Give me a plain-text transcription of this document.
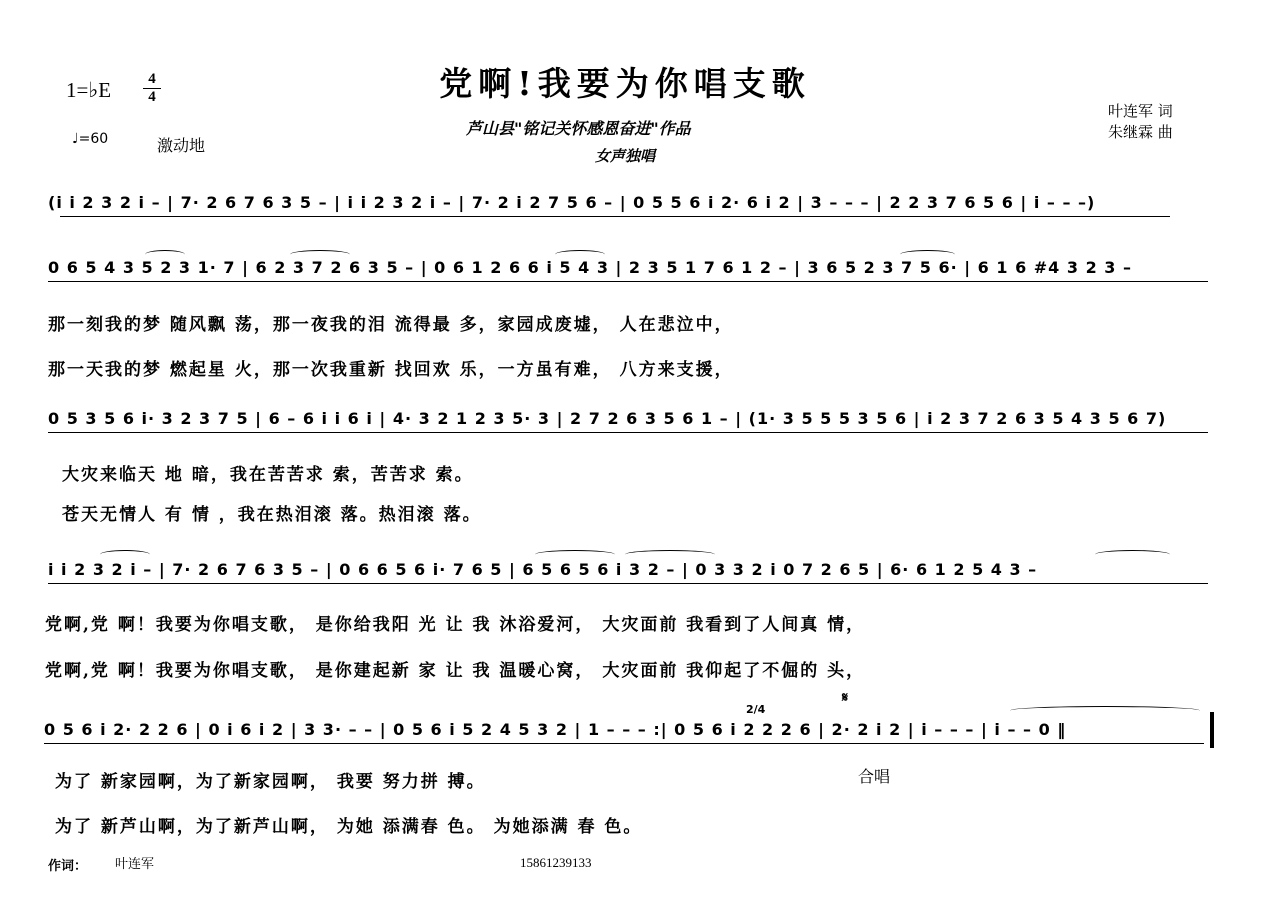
1=♭E	4
4
♩=60	激动地
党啊!我要为你唱支歌
芦山县"铭记关怀感恩奋进"作品
女声独唱
叶连军 词
朱继霖 曲
(i i 2 3 2 i – | 7· 2 6 7 6 3 5 – | i i 2 3 2 i – | 7· 2 i 2 7 5 6 – | 0 5 5 6 i 2· 6 i 2 | 3 – – – | 2 2 3 7 6 5 6 | i – – –)
0 6 5 4 3 5 2 3 1· 7 | 6 2 3 7 2 6 3 5 – | 0 6 1 2 6 6 i 5 4 3 | 2 3 5 1 7 6 1 2 – | 3 6 5 2 3 7 5 6· | 6 1 6 #4 3 2 3 –
那一刻我的梦 随风飘 荡，那一夜我的泪 流得最 多，家园成废墟， 人在悲泣中，
那一天我的梦 燃起星 火，那一次我重新 找回欢 乐，一方虽有难， 八方来支援，
0 5 3 5 6 i· 3 2 3 7 5 | 6 – 6 i i 6 i | 4· 3 2 1 2 3 5· 3 | 2 7 2 6 3 5 6 1 – | (1· 3 5 5 5 3 5 6 | i 2 3 7 2 6 3 5 4 3 5 6 7)
大灾来临天 地 暗，我在苦苦求 索，苦苦求 索。
苍天无情人 有 情 ，我在热泪滚 落。热泪滚 落。
i i 2 3 2 i – | 7· 2 6 7 6 3 5 – | 0 6 6 5 6 i· 7 6 5 | 6 5 6 5 6 i 3 2 – | 0 3 3 2 i 0 7 2 6 5 | 6· 6 1 2 5 4 3 –
党啊,党 啊！我要为你唱支歌， 是你给我阳 光 让 我 沐浴爱河， 大灾面前 我看到了人间真 情，
党啊,党 啊！我要为你唱支歌， 是你建起新 家 让 我 温暖心窝， 大灾面前 我仰起了不倔的 头，
𝄋
2/4
0 5 6 i 2· 2 2 6 | 0 i 6 i 2 | 3 3· – – | 0 5 6 i 5 2 4 5 3 2 | 1 – – – :| 0 5 6 i 2 2 2 6 | 2· 2 i 2 | i – – – | i – – 0 ‖
为了 新家园啊，为了新家园啊， 我要 努力拼 搏。	合唱
为了 新芦山啊，为了新芦山啊， 为她 添满春 色。 为她添满 春 色。
作词： 叶连军	15861239133
